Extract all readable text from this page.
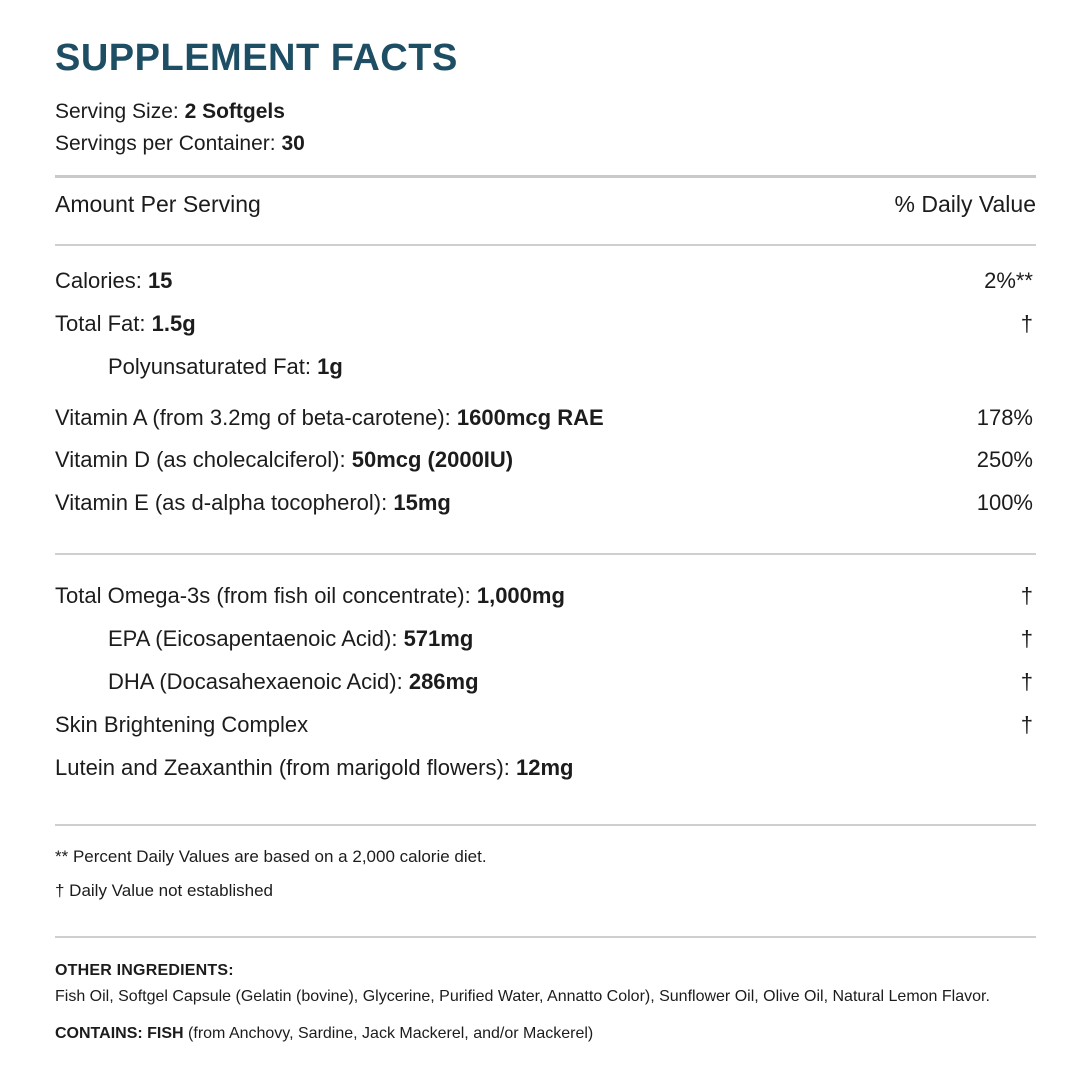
SUPPLEMENT FACTS
Serving Size: 2 Softgels
Servings per Container: 30
Amount Per Serving	% Daily Value
Calories: 15	2%**
Total Fat: 1.5g	†
Polyunsaturated Fat: 1g
Vitamin A (from 3.2mg of beta-carotene): 1600mcg RAE	178%
Vitamin D (as cholecalciferol): 50mcg (2000IU)	250%
Vitamin E (as d-alpha tocopherol): 15mg	100%
Total Omega-3s (from fish oil concentrate): 1,000mg	†
EPA (Eicosapentaenoic Acid): 571mg	†
DHA (Docasahexaenoic Acid): 286mg	†
Skin Brightening Complex	†
Lutein and Zeaxanthin (from marigold flowers): 12mg
** Percent Daily Values are based on a 2,000 calorie diet.
† Daily Value not established
OTHER INGREDIENTS:
Fish Oil, Softgel Capsule (Gelatin (bovine), Glycerine, Purified Water, Annatto Color), Sunflower Oil, Olive Oil, Natural Lemon Flavor.
CONTAINS: FISH (from Anchovy, Sardine, Jack Mackerel, and/or Mackerel)
